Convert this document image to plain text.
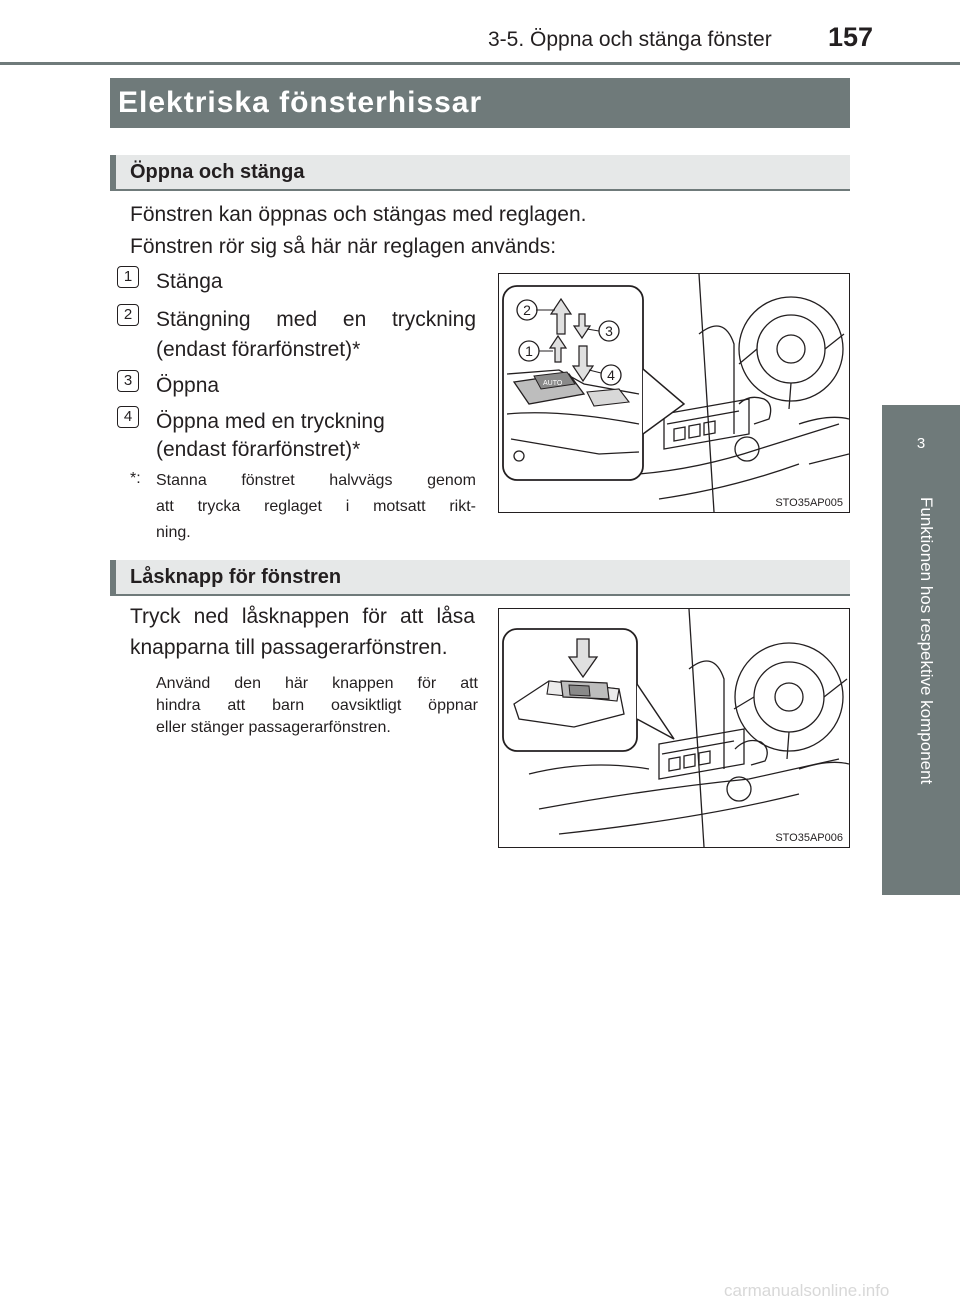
3-5. Öppna och stänga fönster 157
3
Funktionen hos respektive komponent
Elektriska fönsterhissar
Öppna och stänga
Fönstren kan öppnas och stängas med reglagen.
Fönstren rör sig så här när reglagen används:
1	Stänga
2	Stängning med en tryckning
(endast förarfönstret)*
3	Öppna
4	Öppna med en tryckning
(endast förarfönstret)*
*: Stanna fönstret halvvägs genom
att trycka reglaget i motsatt rikt-
ning.
AUTO
2
3
1
4
STO35AP005
Låsknapp för fönstren
Tryck ned låsknappen för att låsa
knapparna till passagerarfönstren.
Använd den här knappen för att
hindra att barn oavsiktligt öppnar
eller stänger passagerarfönstren.
STO35AP006
carmanualsonline.info
